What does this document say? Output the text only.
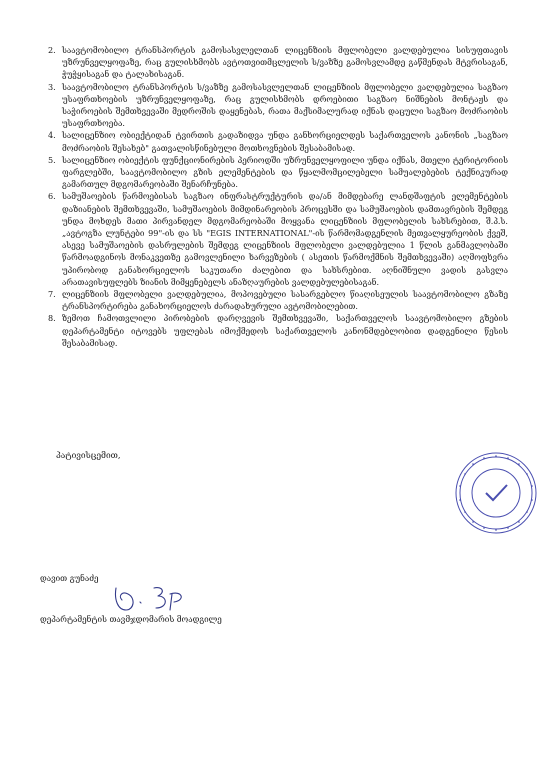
2. საავტომობილო ტრანსპორტის გამოსასვლელთან ლიცენზიის მფლობელი ვალდებულია სისუფთავის უზრუნველყოფაზე, რაც გულისხმობს ავტოთვითმცლელის ს/ვაზზე გამოსვლამდე გაწმენდას მტვრისაგან, ჭუჭყისაგან და ტალახისაგან.
3. საავტომობილო ტრანსპორტის ს/ვაზზე გამოსასვლელთან ლიცენზიის მფლობელი ვალდებულია საგზაო უსაფრთხოების უზრუნველყოფაზე, რაც გულისხმობს დროებითი საგზაო ნიშნების მონტაჟს და საჭიროების შემთხვევაში მედროშის დაყენებას, რათა მაქსიმალურად იქნას დაცული საგზაო მოძრაობის უსაფრთხოება.
4. სალიცენზიო ობიექტიდან ტვირთის გადაზიდვა უნდა განხორციელდეს საქართველოს კანონის „საგზაო მოძრაობის შესახებ" გათვალისწინებული მოთხოვნების შესაბამისად.
5. სალიცენზიო ობიექტის ფუნქციონირების პერიოდში უზრუნველყოფილი უნდა იქნას, მთელი ტერიტორიის ფარგლებში, საავტომობილო გზის ელემენტების და წყალმომცილებელი სამუალებების ტექნიკურად გამართულ მდგომარეობაში შენარჩუნება.
6. სამუშაოების წარმოებისას საგზაო ინფრასტრუქტურის და/ან მიმდებარე ლანდშაფტის ელემენტების დაზიანების შემთხვევაში, სამუშაოების მიმდინარეობის პროცესში და სამუშაოების დამთავრების შემდეგ უნდა მოხდეს მათი პირვანდელ მდგომარეობაში მოყვანა ლიცენზიის მფლობელის სახსრებით, შ.პ.ს. „ავტოგზა ლუნტები 99"-ის და სს "EGIS INTERNATIONAL"-ის წარმომადგენლის მეთვალყურეობის ქვეშ, ასევე სამუშაოების დასრულების შემდეგ ლიცენზიის მფლობელი ვალდებულია 1 წლის განმავლობაში წარმოადგინოს მონაკვეთზე გამოვლენილი ხარვეზების ( ასეთის წარმოქმნის შემთხვევაში) აღმოფხვრა უპირობოდ განახორციელოს საკუთარი ძალებით და სახსრებით. აღნიშნული ვადის გასვლა არათავისუფლებს ზიანის მიმყენებელს ანაზღაურების ვალდებულებისაგან.
7. ლიცენზიის მფლობელი ვალდებულია, მოპოვებული სასარგებლო წიაღისეულის საავტომობილო გზაზე ტრანსპორტირება განახორციელოს ძარადახურული ავტომობილებით.
8. ზემოთ ჩამოთვლილი პირობების დარღვევის შემთხვევაში, საქართველოს საავტომობილო გზების დეპარტამენტი იტოვებს უფლებას იმოქმედოს საქართველოს კანონმდებლობით დადგენილი წესის შესაბამისად.
პატივისცემით,
დავით გუნაძე
დეპარტამენტის თავმჯდომარის მოადგილე
